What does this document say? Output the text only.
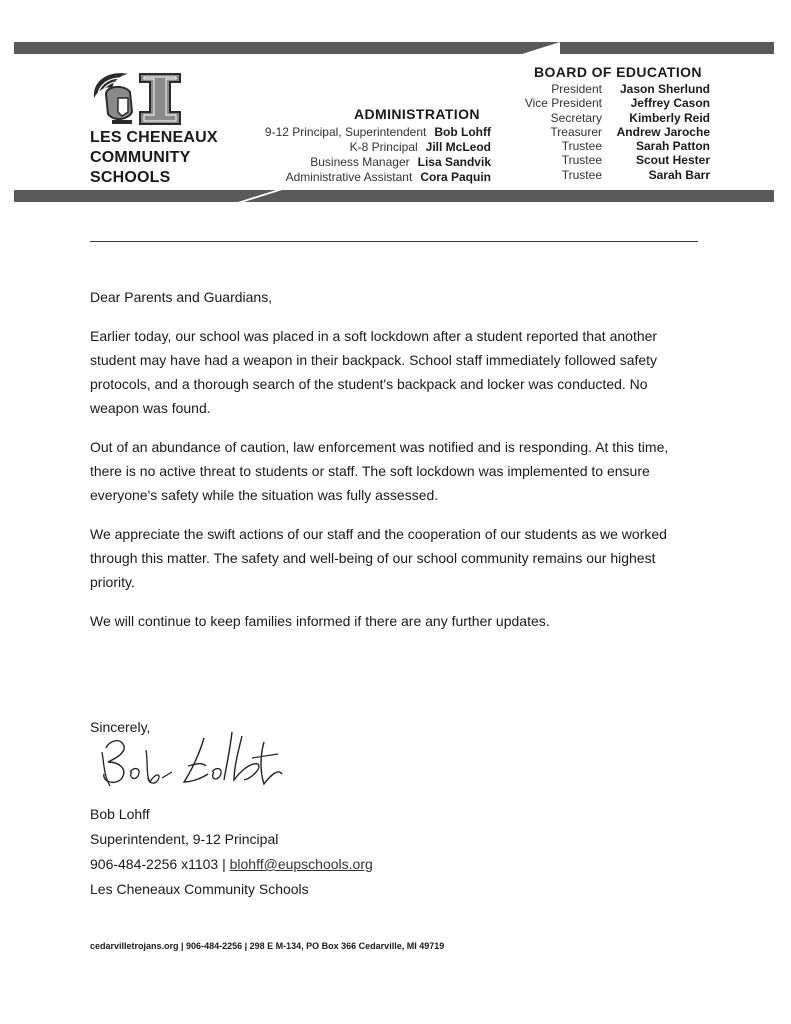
LES CHENEAUX
COMMUNITY
SCHOOLS
ADMINISTRATION
9-12 Principal, Superintendent Bob Lohff
K-8 Principal Jill McLeod
Business Manager Lisa Sandvik
Administrative Assistant Cora Paquin
BOARD OF EDUCATION
President	Jason Sherlund
Vice President	Jeffrey Cason
Secretary	Kimberly Reid
Treasurer	Andrew Jaroche
Trustee	Sarah Patton
Trustee	Scout Hester
Trustee	Sarah Barr

Dear Parents and Guardians,

Earlier today, our school was placed in a soft lockdown after a student reported that another student may have had a weapon in their backpack. School staff immediately followed safety protocols, and a thorough search of the student's backpack and locker was conducted. No weapon was found.

Out of an abundance of caution, law enforcement was notified and is responding. At this time, there is no active threat to students or staff. The soft lockdown was implemented to ensure everyone's safety while the situation was fully assessed.

We appreciate the swift actions of our staff and the cooperation of our students as we worked through this matter. The safety and well-being of our school community remains our highest priority.

We will continue to keep families informed if there are any further updates.

Sincerely,
Bob Lohff
Superintendent, 9-12 Principal
906-484-2256 x1103 | blohff@eupschools.org
Les Cheneaux Community Schools
cedarvilletrojans.org | 906-484-2256 | 298 E M-134, PO Box 366 Cedarville, MI 49719
